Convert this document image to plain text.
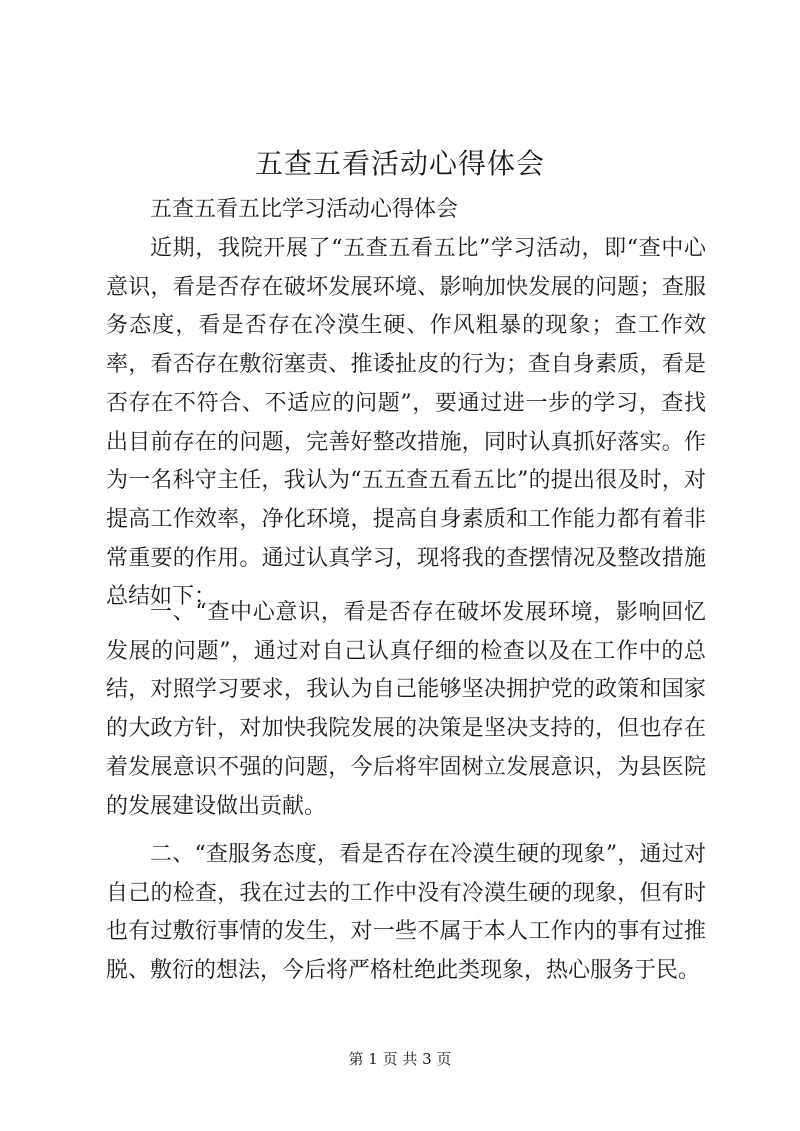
五查五看活动心得体会

五查五看五比学习活动心得体会

近期，我院开展了“五查五看五比”学习活动，即“查中心意识，看是否存在破坏发展环境、影响加快发展的问题；查服务态度，看是否存在冷漠生硬、作风粗暴的现象；查工作效率，看否存在敷衍塞责、推诿扯皮的行为；查自身素质，看是否存在不符合、不适应的问题”，要通过进一步的学习，查找出目前存在的问题，完善好整改措施，同时认真抓好落实。作为一名科守主任，我认为“五五查五看五比”的提出很及时，对提高工作效率，净化环境，提高自身素质和工作能力都有着非常重要的作用。通过认真学习，现将我的查摆情况及整改措施总结如下：

一、“查中心意识，看是否存在破坏发展环境，影响回忆发展的问题”，通过对自己认真仔细的检查以及在工作中的总结，对照学习要求，我认为自己能够坚决拥护党的政策和国家的大政方针，对加快我院发展的决策是坚决支持的，但也存在着发展意识不强的问题，今后将牢固树立发展意识，为县医院的发展建设做出贡献。

二、“查服务态度，看是否存在冷漠生硬的现象”，通过对自己的检查，我在过去的工作中没有冷漠生硬的现象，但有时也有过敷衍事情的发生，对一些不属于本人工作内的事有过推脱、敷衍的想法，今后将严格杜绝此类现象，热心服务于民。

第 1 页 共 3 页
